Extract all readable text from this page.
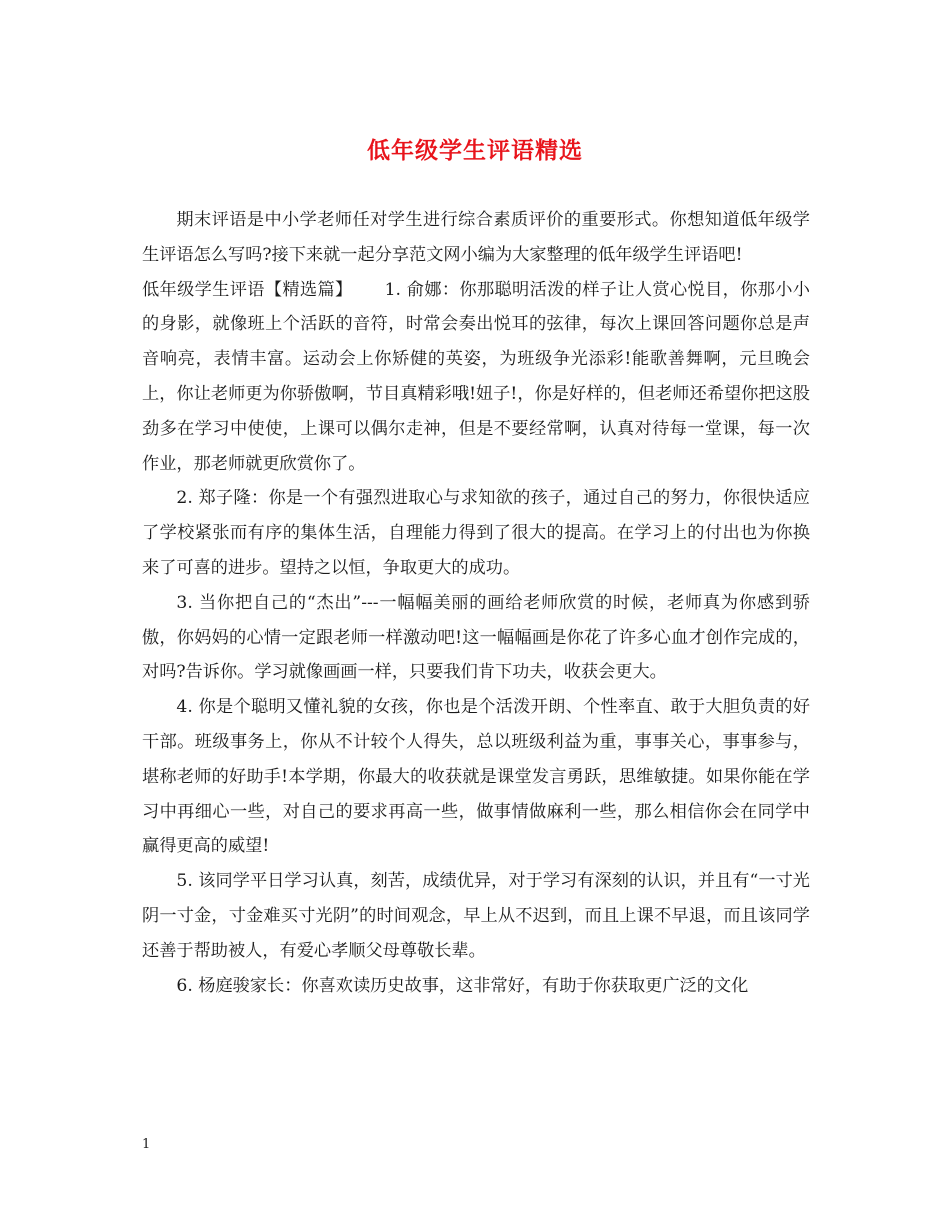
低年级学生评语精选

期末评语是中小学老师任对学生进行综合素质评价的重要形式。你想知道低年级学生评语怎么写吗?接下来就一起分享范文网小编为大家整理的低年级学生评语吧!

低年级学生评语【精选篇】 1. 俞娜：你那聪明活泼的样子让人赏心悦目，你那小小的身影，就像班上个活跃的音符，时常会奏出悦耳的弦律，每次上课回答问题你总是声音响亮，表情丰富。运动会上你矫健的英姿，为班级争光添彩!能歌善舞啊，元旦晚会上，你让老师更为你骄傲啊，节目真精彩哦!妞子!，你是好样的，但老师还希望你把这股劲多在学习中使使，上课可以偶尔走神，但是不要经常啊，认真对待每一堂课，每一次作业，那老师就更欣赏你了。

2. 郑子隆：你是一个有强烈进取心与求知欲的孩子，通过自己的努力，你很快适应了学校紧张而有序的集体生活，自理能力得到了很大的提高。在学习上的付出也为你换来了可喜的进步。望持之以恒，争取更大的成功。

3. 当你把自己的“杰出”---一幅幅美丽的画给老师欣赏的时候，老师真为你感到骄傲，你妈妈的心情一定跟老师一样激动吧!这一幅幅画是你花了许多心血才创作完成的，对吗?告诉你。学习就像画画一样，只要我们肯下功夫，收获会更大。

4. 你是个聪明又懂礼貌的女孩，你也是个活泼开朗、个性率直、敢于大胆负责的好干部。班级事务上，你从不计较个人得失，总以班级利益为重，事事关心，事事参与，堪称老师的好助手!本学期，你最大的收获就是课堂发言勇跃，思维敏捷。如果你能在学习中再细心一些，对自己的要求再高一些，做事情做麻利一些，那么相信你会在同学中赢得更高的威望!

5. 该同学平日学习认真，刻苦，成绩优异，对于学习有深刻的认识，并且有“一寸光阴一寸金，寸金难买寸光阴”的时间观念，早上从不迟到，而且上课不早退，而且该同学还善于帮助被人，有爱心孝顺父母尊敬长辈。

6. 杨庭骏家长：你喜欢读历史故事，这非常好，有助于你获取更广泛的文化

1
